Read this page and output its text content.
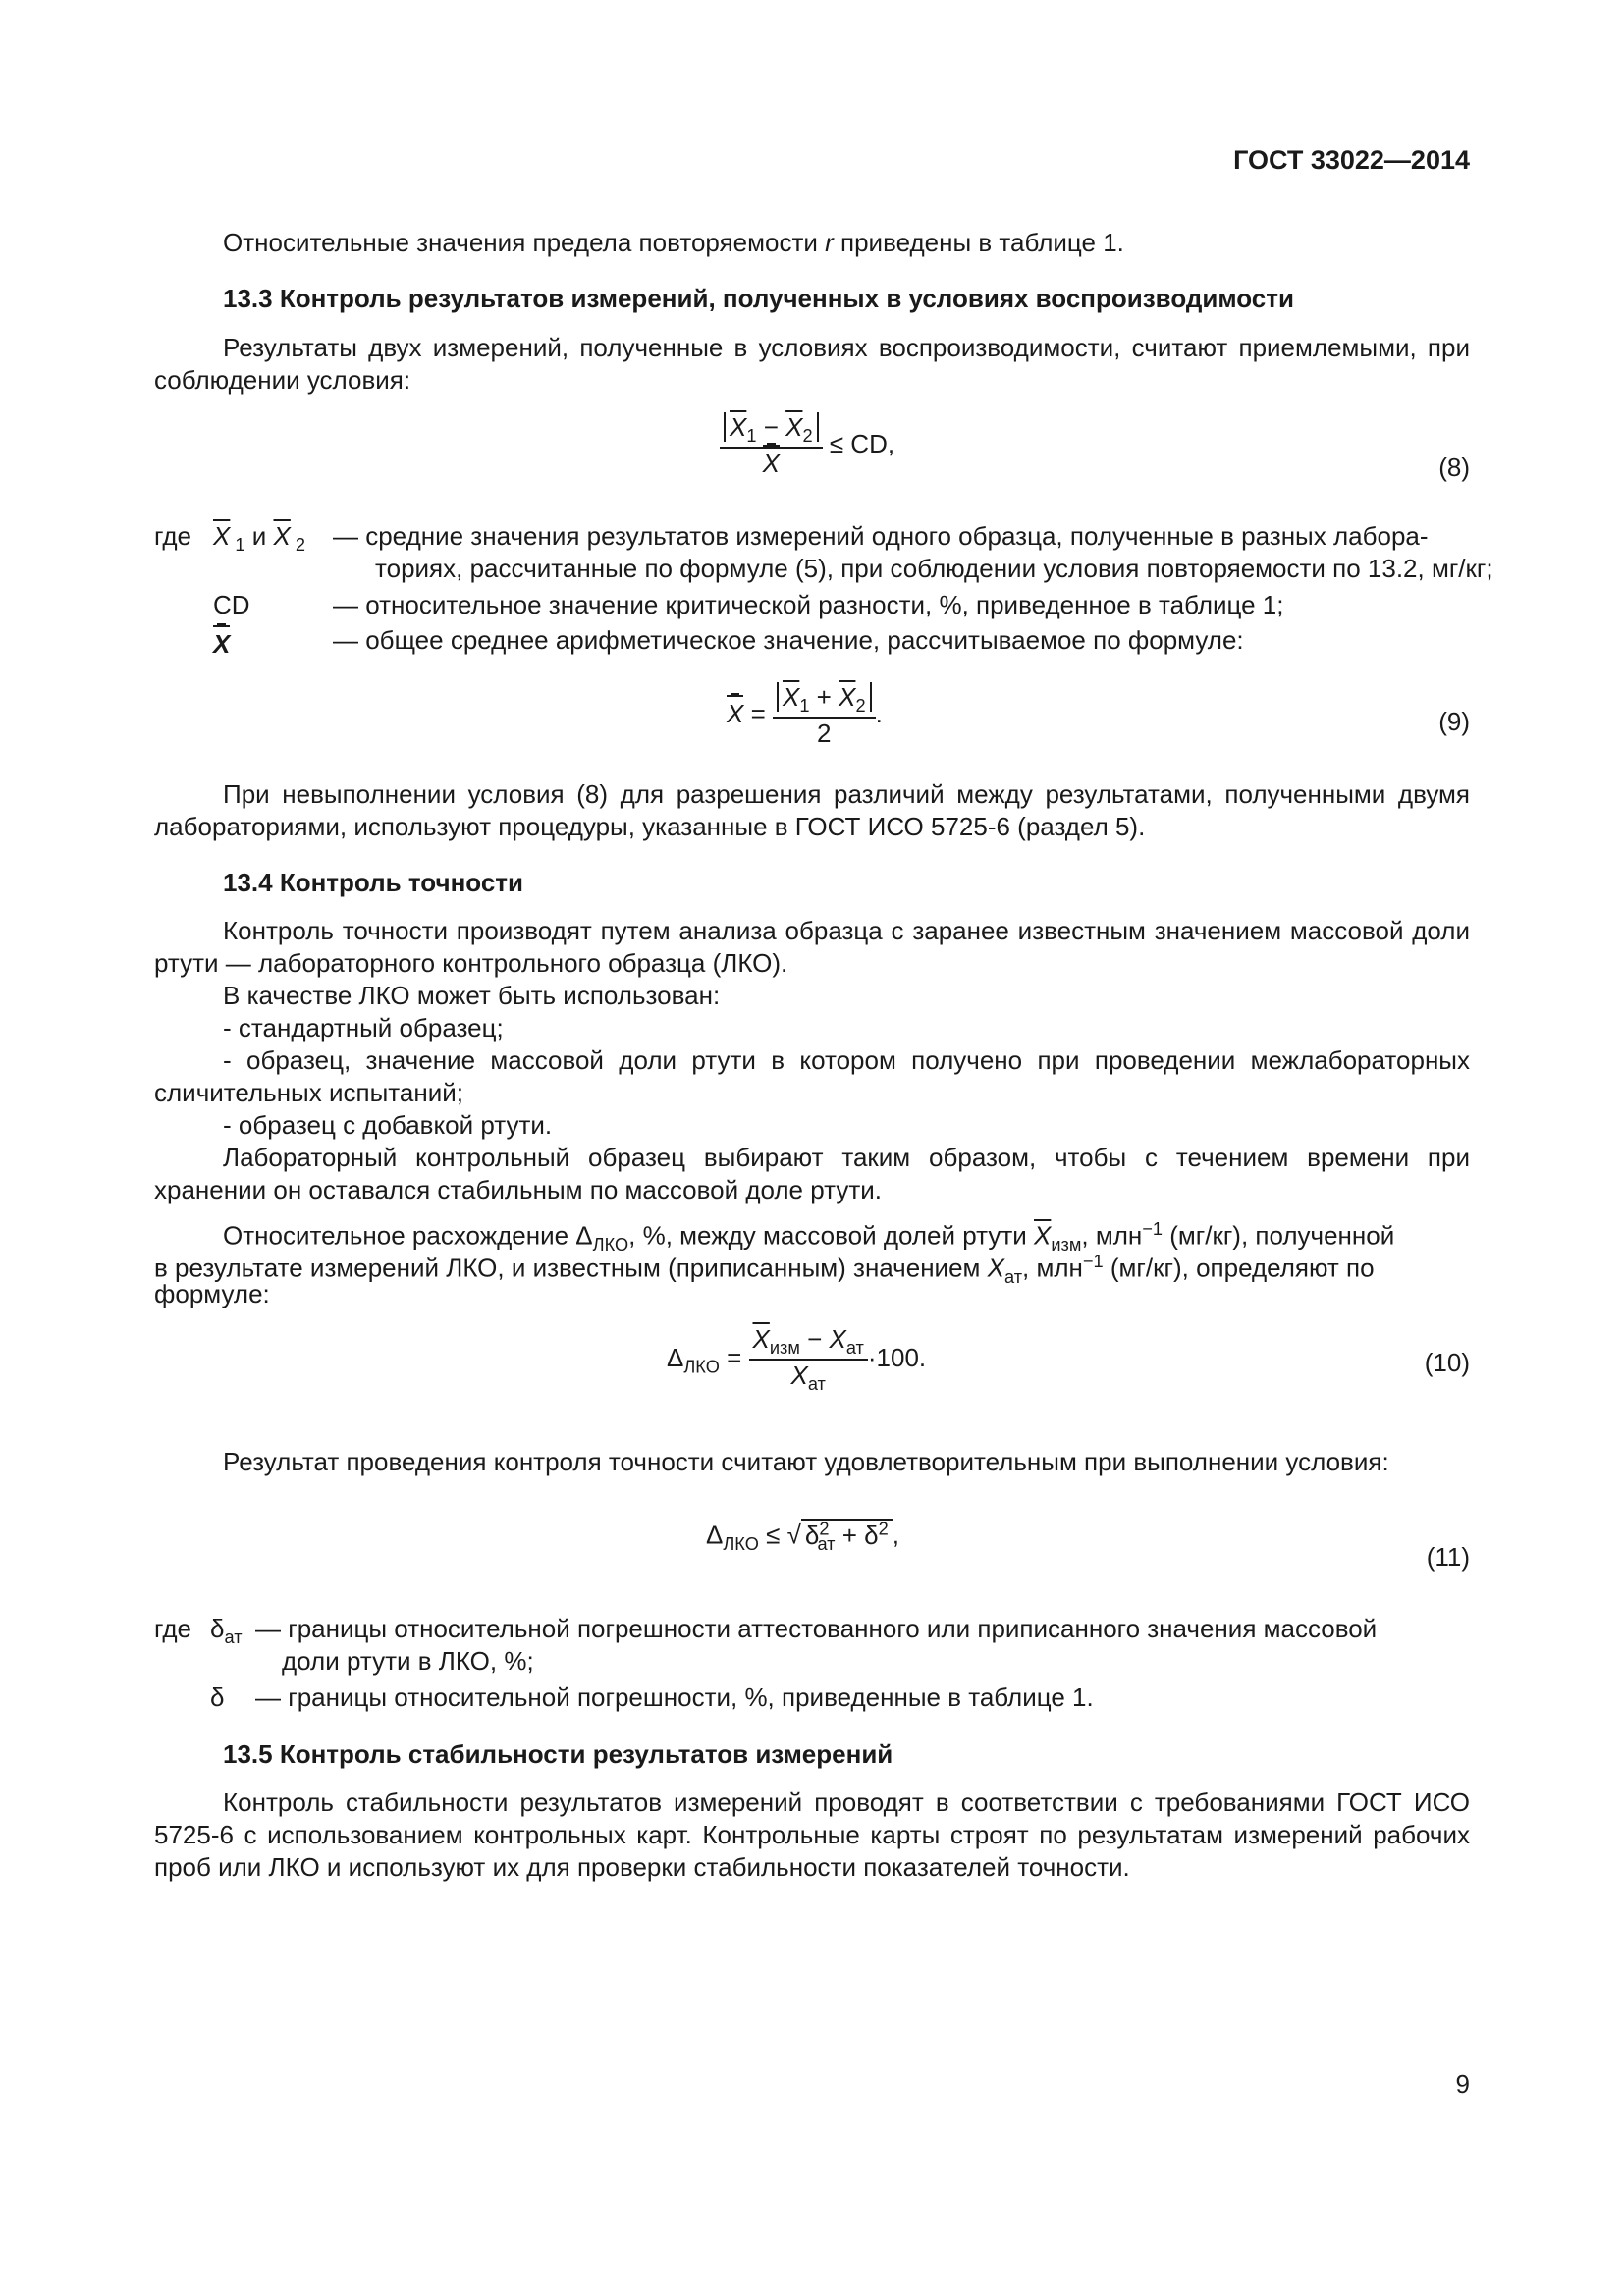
ГОСТ 33022—2014
Относительные значения предела повторяемости r приведены в таблице 1.
13.3 Контроль результатов измерений, полученных в условиях воспроизводимости
Результаты двух измерений, полученные в условиях воспроизводимости, считают приемлемыми, при соблюдении условия:
$\frac{\overline{X}_1 - \overline{X}_2}{X}$ ≤ CD,
(8)
где $\overline{X}$ $_1$ и $\overline{X}$ $_2$ — средние значения результатов измерений одного образца, полученные в разных лабора-
ториях, рассчитанные по формуле (5), при соблюдении условия повторяемости по 13.2, мг/кг;
CD	— относительное значение критической разности, %, приведенное в таблице 1;
X	— общее среднее арифметическое значение, рассчитываемое по формуле:
$X = \frac{\overline{X}_1 + \overline{X}_2}{2}$ .	(9)
При невыполнении условия (8) для разрешения различий между результатами, полученными двумя лабораториями, используют процедуры, указанные в ГОСТ ИСО 5725-6 (раздел 5).
13.4 Контроль точности
Контроль точности производят путем анализа образца с заранее известным значением массовой доли ртути — лабораторного контрольного образца (ЛКО).
В качестве ЛКО может быть использован:
- стандартный образец;
- образец, значение массовой доли ртути в котором получено при проведении межлабораторных сличительных испытаний;
- образец с добавкой ртути.
Лабораторный контрольный образец выбирают таким образом, чтобы с течением времени при хранении он оставался стабильным по массовой доле ртути.
Относительное расхождение $\Delta_{ЛКО}$, %, между массовой долей ртути $\overline{X}_{изм}$, млн$^{-1}$ (мг/кг), полученной
в результате измерений ЛКО, и известным (приписанным) значением $X_{ат}$, млн$^{-1}$ (мг/кг), определяют по
формуле:
$\Delta_{ЛКО} = \frac{\overline{X}_{изм} - X_{ат}}{X_{ат}} \cdot 100$.	(10)
Результат проведения контроля точности считают удовлетворительным при выполнении условия:
$\Delta_{ЛКО}$ ≤ √ $\delta^2_{ат} + \delta^2$ ,
(11)
где $\delta_{ат}$ — границы относительной погрешности аттестованного или приписанного значения массовой
доли ртути в ЛКО, %;
δ — границы относительной погрешности, %, приведенные в таблице 1.
13.5 Контроль стабильности результатов измерений
Контроль стабильности результатов измерений проводят в соответствии с требованиями ГОСТ ИСО 5725-6 с использованием контрольных карт. Контрольные карты строят по результатам измерений рабочих проб или ЛКО и используют их для проверки стабильности показателей точности.
9
